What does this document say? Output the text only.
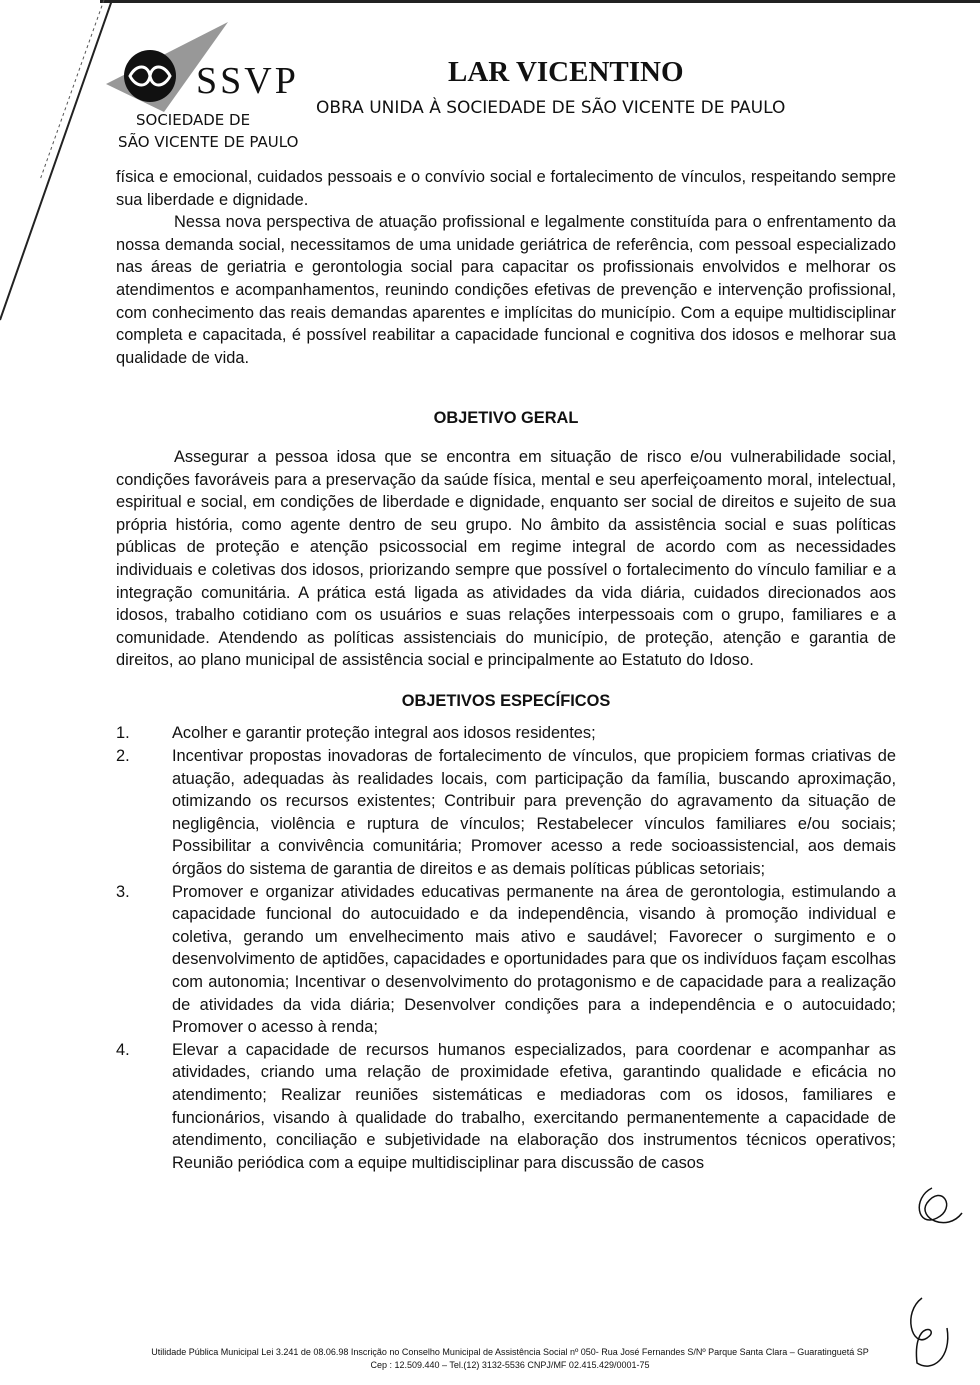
SSVP
SOCIEDADE DE
SÃO VICENTE DE PAULO
LAR VICENTINO
OBRA UNIDA À SOCIEDADE DE SÃO VICENTE DE PAULO

física e emocional, cuidados pessoais e o convívio social e fortalecimento de vínculos, respeitando sempre sua liberdade e dignidade.

Nessa nova perspectiva de atuação profissional e legalmente constituída para o enfrentamento da nossa demanda social, necessitamos de uma unidade geriátrica de referência, com pessoal especializado nas áreas de geriatria e gerontologia social para capacitar os profissionais envolvidos e melhorar os atendimentos e acompanhamentos, reunindo condições efetivas de prevenção e intervenção profissional, com conhecimento das reais demandas aparentes e implícitas do município. Com a equipe multidisciplinar completa e capacitada, é possível reabilitar a capacidade funcional e cognitiva dos idosos e melhorar sua qualidade de vida.

OBJETIVO GERAL

Assegurar a pessoa idosa que se encontra em situação de risco e/ou vulnerabilidade social, condições favoráveis para a preservação da saúde física, mental e seu aperfeiçoamento moral, intelectual, espiritual e social, em condições de liberdade e dignidade, enquanto ser social de direitos e sujeito de sua própria história, como agente dentro de seu grupo. No âmbito da assistência social e suas políticas públicas de proteção e atenção psicossocial em regime integral de acordo com as necessidades individuais e coletivas dos idosos, priorizando sempre que possível o fortalecimento do vínculo familiar e a integração comunitária. A prática está ligada as atividades da vida diária, cuidados direcionados aos idosos, trabalho cotidiano com os usuários e suas relações interpessoais com o grupo, familiares e a comunidade. Atendendo as políticas assistenciais do município, de proteção, atenção e garantia de direitos, ao plano municipal de assistência social e principalmente ao Estatuto do Idoso.

OBJETIVOS ESPECÍFICOS
1.	Acolher e garantir proteção integral aos idosos residentes;
2.	Incentivar propostas inovadoras de fortalecimento de vínculos, que propiciem formas criativas de atuação, adequadas às realidades locais, com participação da família, buscando aproximação, otimizando os recursos existentes; Contribuir para prevenção do agravamento da situação de negligência, violência e ruptura de vínculos; Restabelecer vínculos familiares e/ou sociais; Possibilitar a convivência comunitária; Promover acesso a rede socioassistencial, aos demais órgãos do sistema de garantia de direitos e as demais políticas públicas setoriais;
3.	Promover e organizar atividades educativas permanente na área de gerontologia, estimulando a capacidade funcional do autocuidado e da independência, visando à promoção individual e coletiva, gerando um envelhecimento mais ativo e saudável; Favorecer o surgimento e o desenvolvimento de aptidões, capacidades e oportunidades para que os indivíduos façam escolhas com autonomia; Incentivar o desenvolvimento do protagonismo e de capacidade para a realização de atividades da vida diária; Desenvolver condições para a independência e o autocuidado; Promover o acesso à renda;
4.	Elevar a capacidade de recursos humanos especializados, para coordenar e acompanhar as atividades, criando uma relação de proximidade efetiva, garantindo qualidade e eficácia no atendimento; Realizar reuniões sistemáticas e mediadoras com os idosos, familiares e funcionários, visando à qualidade do trabalho, exercitando permanentemente a capacidade de atendimento, conciliação e subjetividade na elaboração dos instrumentos técnicos operativos; Reunião periódica com a equipe multidisciplinar para discussão de casos
Utilidade Pública Municipal Lei 3.241 de 08.06.98 Inscrição no Conselho Municipal de Assistência Social nº 050- Rua José Fernandes S/Nº Parque Santa Clara – Guaratinguetá SP
Cep : 12.509.440 – Tel.(12) 3132-5536 CNPJ/MF 02.415.429/0001-75
